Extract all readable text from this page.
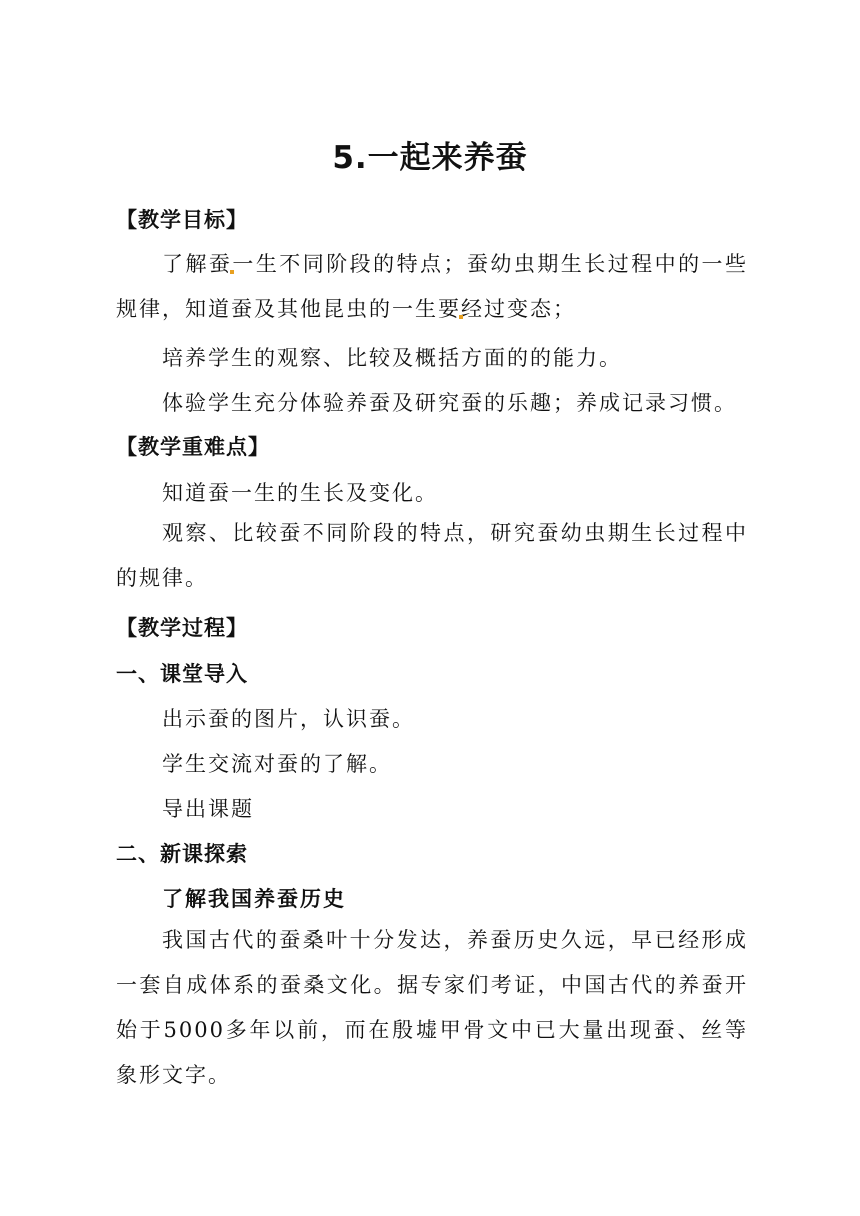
5.一起来养蚕
【教学目标】

了解蚕一生不同阶段的特点；蚕幼虫期生长过程中的一些规律，知道蚕及其他昆虫的一生要经过变态；

培养学生的观察、比较及概括方面的的能力。

体验学生充分体验养蚕及研究蚕的乐趣；养成记录习惯。

【教学重难点】

知道蚕一生的生长及变化。

观察、比较蚕不同阶段的特点，研究蚕幼虫期生长过程中的规律。

【教学过程】
一、课堂导入

出示蚕的图片，认识蚕。

学生交流对蚕的了解。

导出课题

二、新课探索

了解我国养蚕历史

我国古代的蚕桑叶十分发达，养蚕历史久远，早已经形成一套自成体系的蚕桑文化。据专家们考证，中国古代的养蚕开始于5000多年以前，而在殷墟甲骨文中已大量出现蚕、丝等象形文字。
